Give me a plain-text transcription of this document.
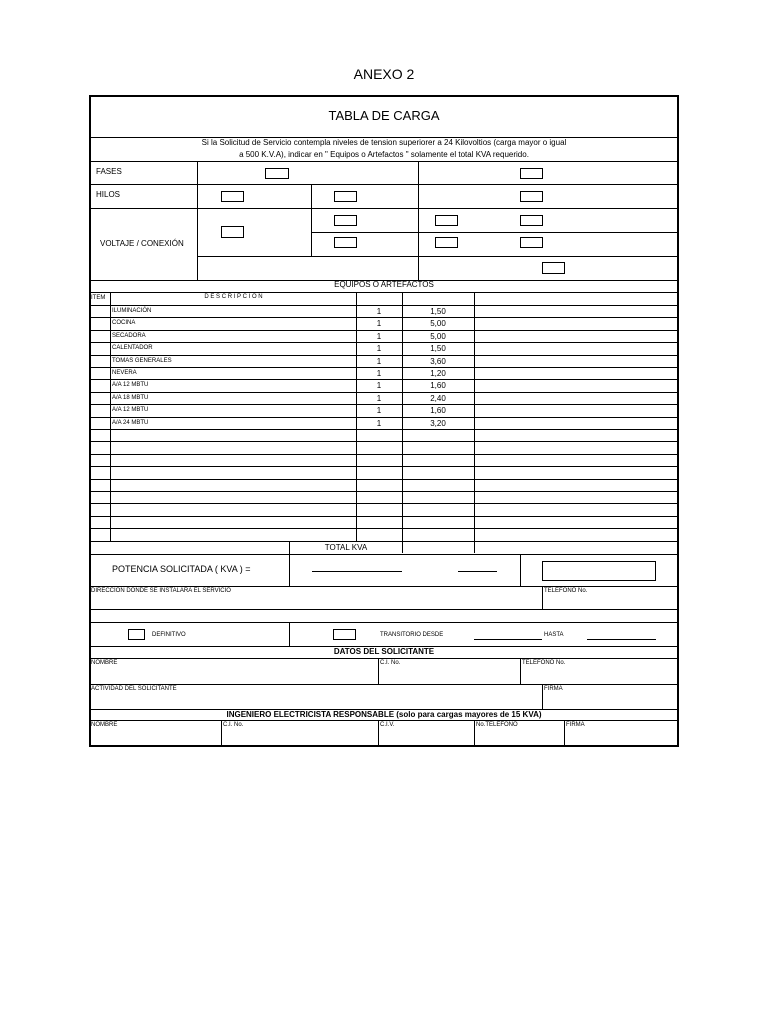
ANEXO 2
TABLA DE CARGA
Si la Solicitud de Servicio contempla niveles de tension superiorer a 24 Kilovoltios (carga mayor o igual
a 500 K.V.A), indicar en " Equipos o Artefactos " solamente el total KVA requerido.
FASES
HILOS
VOLTAJE / CONEXIÓN
EQUIPOS O ARTEFACTOS
ITEM	D E S C R I P C I O N
ILUMINACIÓN	1	1,50
COCINA	1	5,00
SECADORA	1	5,00
CALENTADOR	1	1,50
TOMAS GENERALES	1	3,60
NEVERA	1	1,20
A/A 12 MBTU	1	1,60
A/A 18 MBTU	1	2,40
A/A 12 MBTU	1	1,60
A/A 24 MBTU	1	3,20
TOTAL KVA
POTENCIA SOLICITADA ( KVA ) =
DIRECCION DONDE SE INSTALARA EL SERVICIO	TELEFONO No.
DEFINITIVO	TRANSITORIO DESDE	HASTA
DATOS DEL SOLICITANTE
NOMBRE	C.I. No.	TELEFONO No.
ACTIVIDAD DEL SOLICITANTE	FIRMA
INGENIERO ELECTRICISTA RESPONSABLE (solo para cargas mayores de 15 KVA)
NOMBRE	C.I. No.	C.I.V.	No.TELEFONO	FIRMA
